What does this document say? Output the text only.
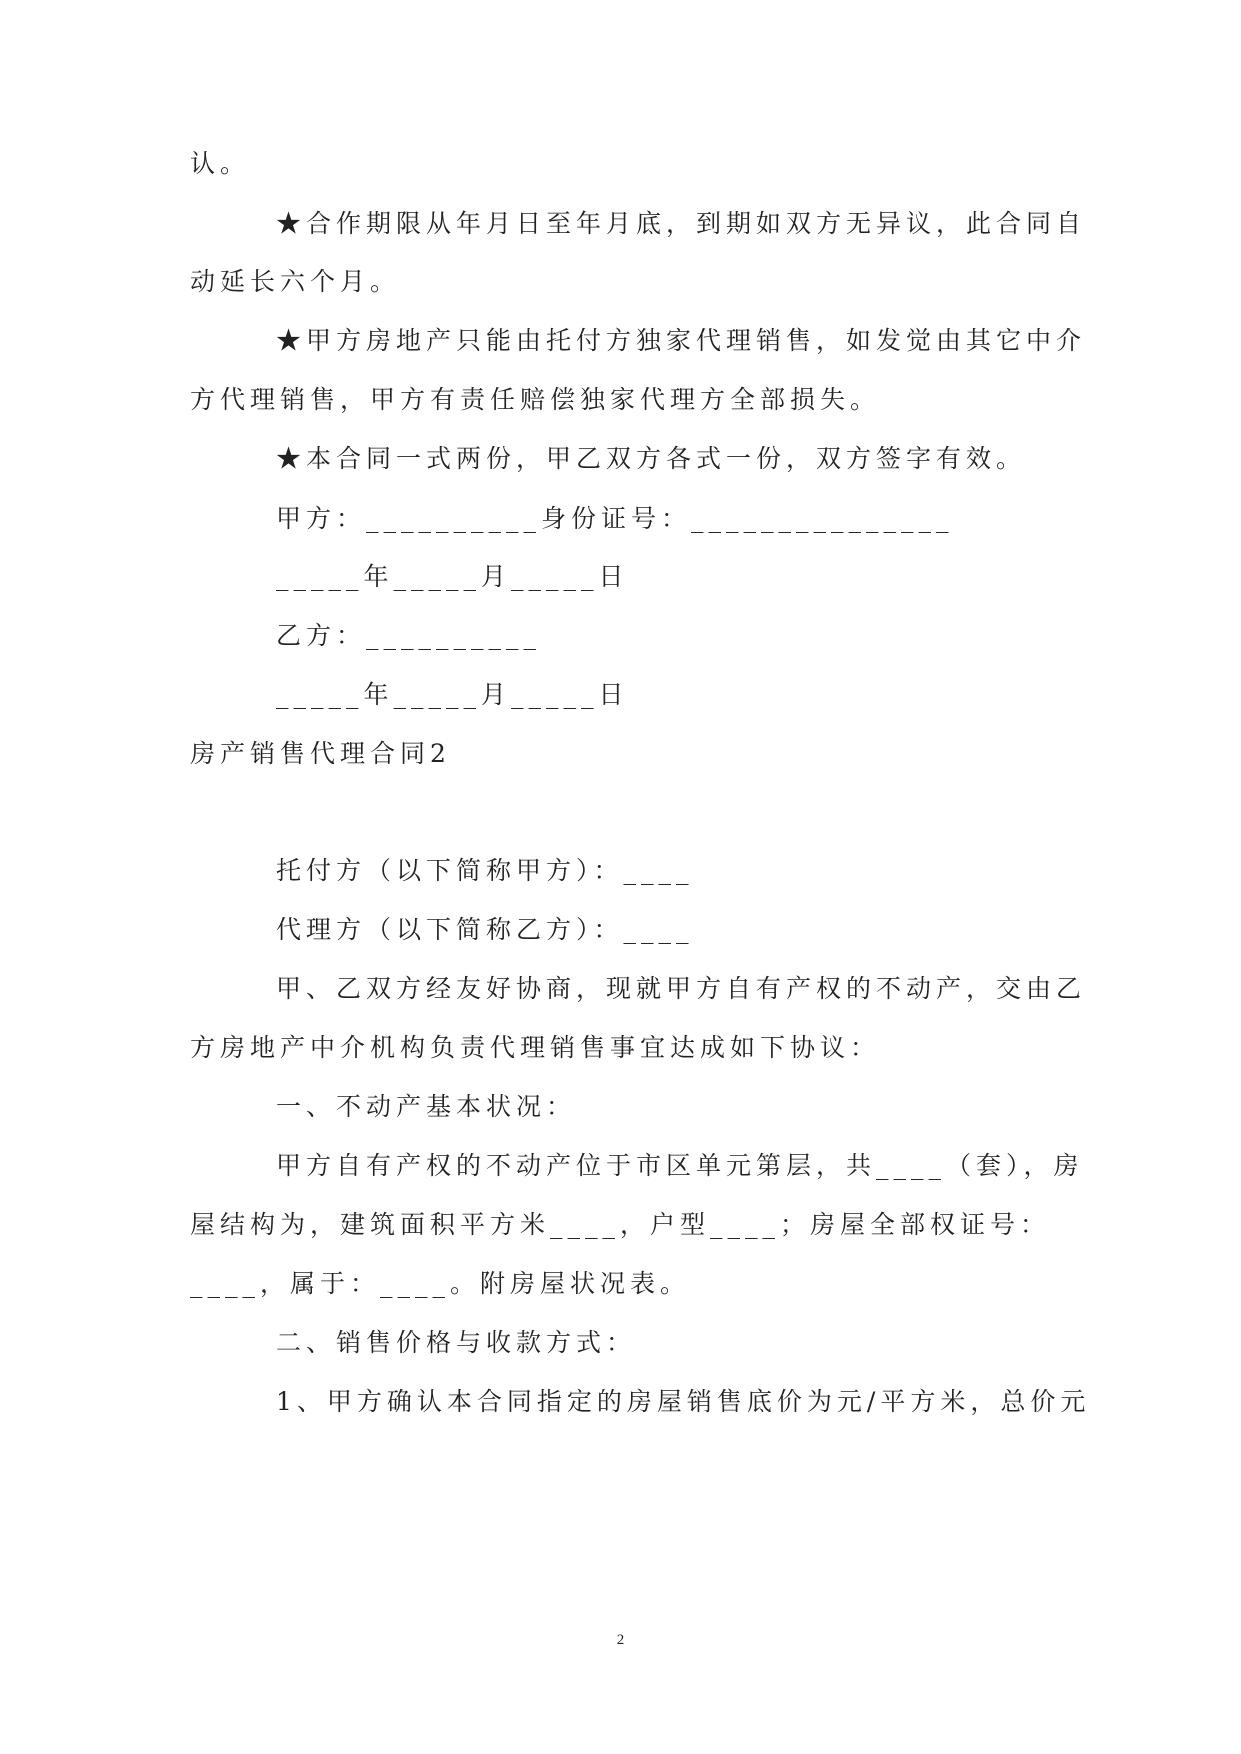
认。
★合作期限从年月日至年月底，到期如双方无异议，此合同自
动延长六个月。
★甲方房地产只能由托付方独家代理销售，如发觉由其它中介
方代理销售，甲方有责任赔偿独家代理方全部损失。
★本合同一式两份，甲乙双方各式一份，双方签字有效。
甲方：__________身份证号：_______________
_____年_____月_____日
乙方：__________
_____年_____月_____日
房产销售代理合同2
托付方（以下简称甲方）：____
代理方（以下简称乙方）：____
甲、乙双方经友好协商，现就甲方自有产权的不动产，交由乙
方房地产中介机构负责代理销售事宜达成如下协议：
一、不动产基本状况：
甲方自有产权的不动产位于市区单元第层，共____（套），房
屋结构为，建筑面积平方米____，户型____；房屋全部权证号：
____，属于：____。附房屋状况表。
二、销售价格与收款方式：
1、甲方确认本合同指定的房屋销售底价为元/平方米，总价元
2
